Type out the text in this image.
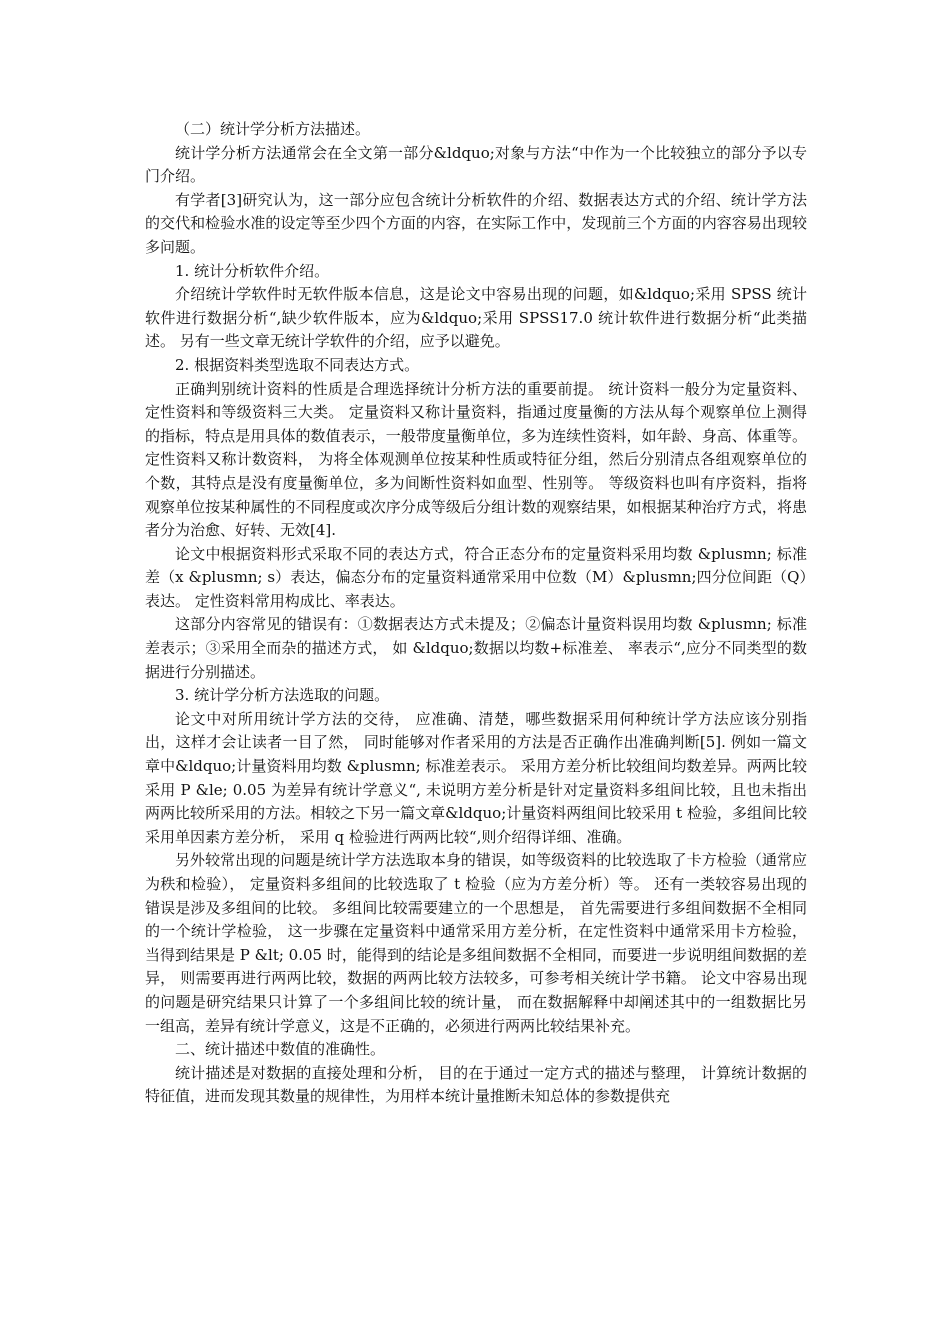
（二）统计学分析方法描述。

统计学分析方法通常会在全文第一部分&ldquo;对象与方法“中作为一个比较独立的部分予以专门介绍。

有学者[3]研究认为，这一部分应包含统计分析软件的介绍、数据表达方式的介绍、统计学方法的交代和检验水准的设定等至少四个方面的内容，在实际工作中，发现前三个方面的内容容易出现较多问题。

1. 统计分析软件介绍。

介绍统计学软件时无软件版本信息，这是论文中容易出现的问题，如&ldquo;采用 SPSS 统计软件进行数据分析“,缺少软件版本，应为&ldquo;采用 SPSS17.0 统计软件进行数据分析“此类描述。 另有一些文章无统计学软件的介绍，应予以避免。

2. 根据资料类型选取不同表达方式。

正确判别统计资料的性质是合理选择统计分析方法的重要前提。 统计资料一般分为定量资料、定性资料和等级资料三大类。 定量资料又称计量资料，指通过度量衡的方法从每个观察单位上测得的指标，特点是用具体的数值表示，一般带度量衡单位，多为连续性资料，如年龄、身高、体重等。 定性资料又称计数资料， 为将全体观测单位按某种性质或特征分组，然后分别清点各组观察单位的个数，其特点是没有度量衡单位，多为间断性资料如血型、性别等。 等级资料也叫有序资料，指将观察单位按某种属性的不同程度或次序分成等级后分组计数的观察结果，如根据某种治疗方式，将患者分为治愈、好转、无效[4].

论文中根据资料形式采取不同的表达方式，符合正态分布的定量资料采用均数 &plusmn; 标准差（x &plusmn; s）表达，偏态分布的定量资料通常采用中位数（M）&plusmn;四分位间距（Q）表达。 定性资料常用构成比、率表达。

这部分内容常见的错误有：①数据表达方式未提及；②偏态计量资料误用均数 &plusmn; 标准差表示；③采用全而杂的描述方式， 如 &ldquo;数据以均数+标准差、 率表示“,应分不同类型的数据进行分别描述。

3. 统计学分析方法选取的问题。

论文中对所用统计学方法的交待， 应准确、清楚，哪些数据采用何种统计学方法应该分别指出，这样才会让读者一目了然， 同时能够对作者采用的方法是否正确作出准确判断[5]. 例如一篇文章中&ldquo;计量资料用均数 &plusmn; 标准差表示。 采用方差分析比较组间均数差异。两两比较采用 P &le; 0.05 为差异有统计学意义“, 未说明方差分析是针对定量资料多组间比较，且也未指出两两比较所采用的方法。相较之下另一篇文章&ldquo;计量资料两组间比较采用 t 检验，多组间比较采用单因素方差分析， 采用 q 检验进行两两比较“,则介绍得详细、准确。

另外较常出现的问题是统计学方法选取本身的错误，如等级资料的比较选取了卡方检验（通常应为秩和检验）， 定量资料多组间的比较选取了 t 检验（应为方差分析）等。 还有一类较容易出现的错误是涉及多组间的比较。 多组间比较需要建立的一个思想是， 首先需要进行多组间数据不全相同的一个统计学检验， 这一步骤在定量资料中通常采用方差分析，在定性资料中通常采用卡方检验，当得到结果是 P &lt; 0.05 时，能得到的结论是多组间数据不全相同，而要进一步说明组间数据的差异， 则需要再进行两两比较，数据的两两比较方法较多，可参考相关统计学书籍。 论文中容易出现的问题是研究结果只计算了一个多组间比较的统计量， 而在数据解释中却阐述其中的一组数据比另一组高，差异有统计学意义，这是不正确的，必须进行两两比较结果补充。

二、统计描述中数值的准确性。

统计描述是对数据的直接处理和分析， 目的在于通过一定方式的描述与整理， 计算统计数据的特征值，进而发现其数量的规律性，为用样本统计量推断未知总体的参数提供充
